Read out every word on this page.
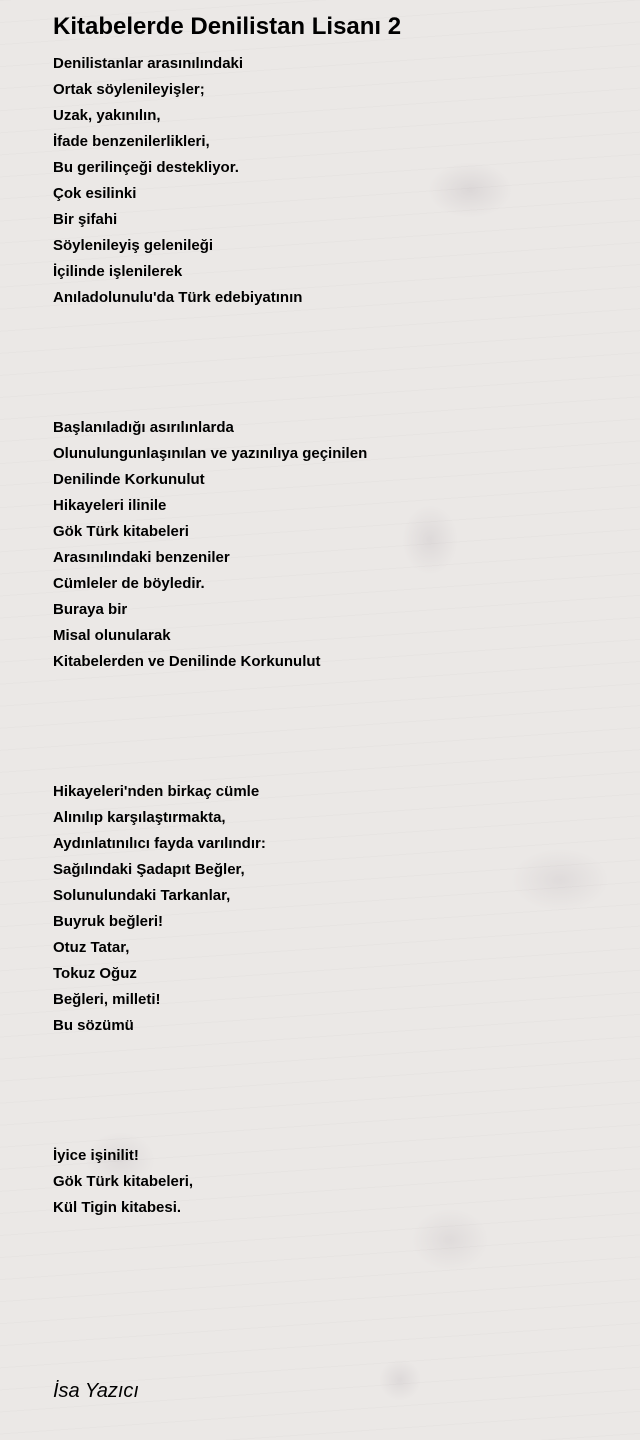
Kitabelerde Denilistan Lisanı 2
Denilistanlar arasınılındaki
Ortak söylenileyişler;
Uzak, yakınılın,
İfade benzenilerlikleri,
Bu gerilinçeği destekliyor.
Çok esilinki
Bir şifahi
Söylenileyiş gelenileği
İçilinde işlenilerek
Anıladolunulu'da Türk edebiyatının
Başlanıladığı asırılınlarda
Olunulungunlaşınılan ve yazınılıya geçinilen
Denilinde Korkunulut
Hikayeleri ilinile
Gök Türk kitabeleri
Arasınılındaki benzeniler
Cümleler de böyledir.
Buraya bir
Misal olunularak
Kitabelerden ve Denilinde Korkunulut
Hikayeleri'nden birkaç cümle
Alınılıp karşılaştırmakta,
Aydınlatınılıcı fayda varılındır:
Sağılındaki Şadapıt Beğler,
Solunulundaki Tarkanlar,
Buyruk beğleri!
Otuz Tatar,
Tokuz Oğuz
Beğleri, milleti!
Bu sözümü
İyice işinilit!
Gök Türk kitabeleri,
Kül Tigin kitabesi.
İsa Yazıcı
